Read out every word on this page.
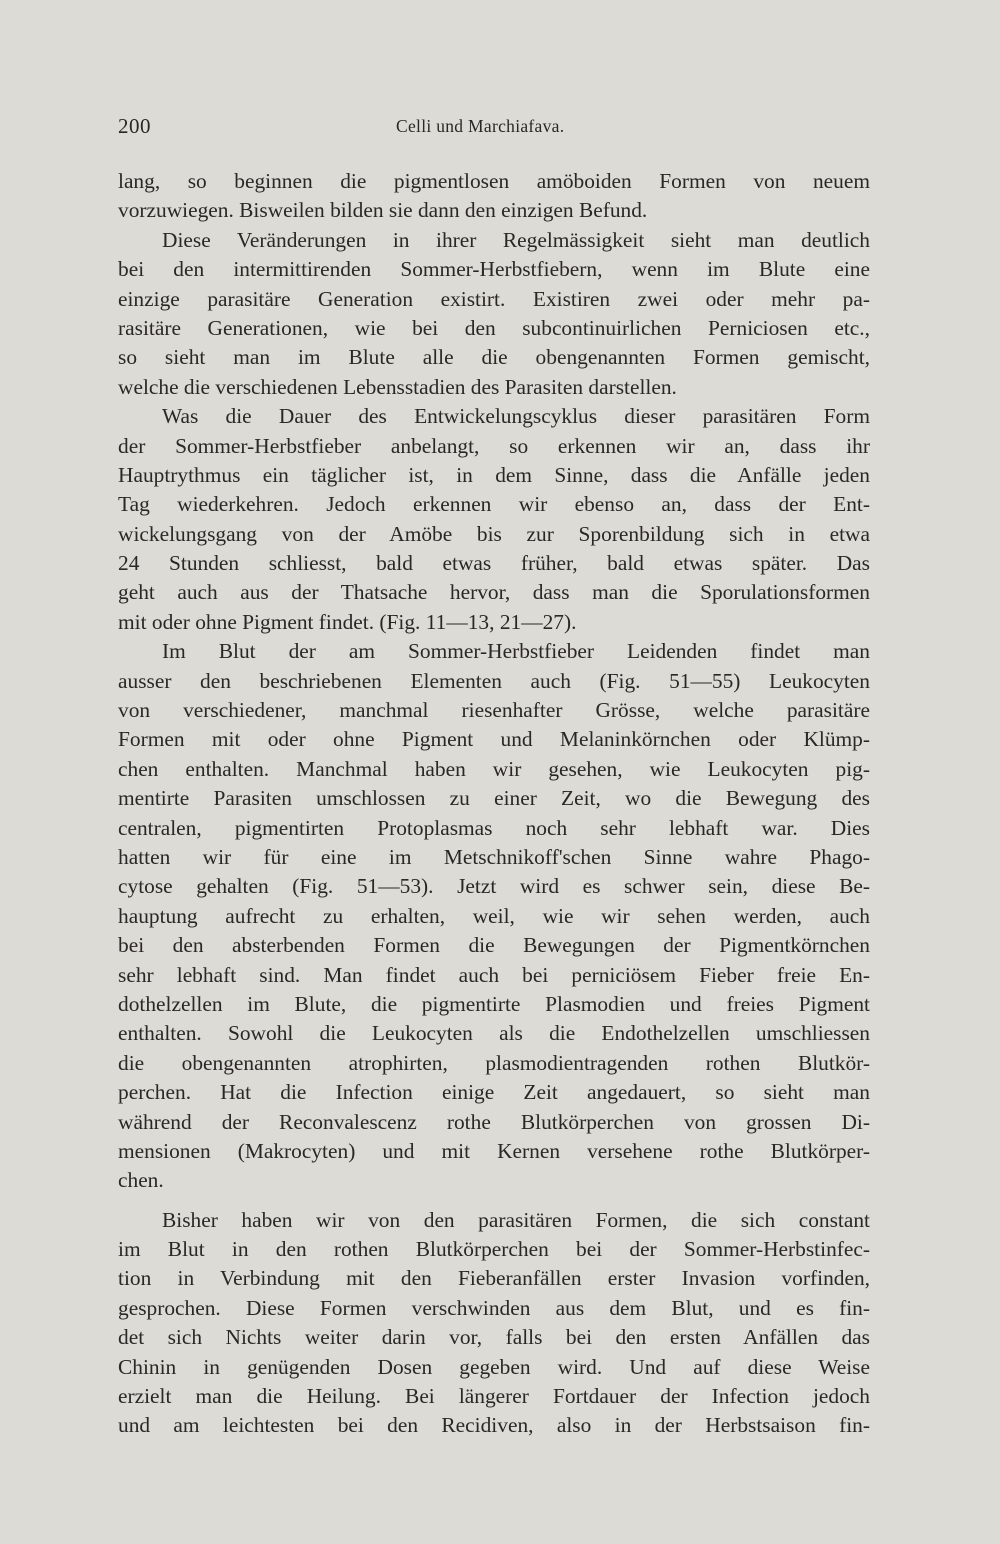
200	Celli und Marchiafava.
lang, so beginnen die pigmentlosen amöboiden Formen von neuem
vorzuwiegen. Bisweilen bilden sie dann den einzigen Befund.
Diese Veränderungen in ihrer Regelmässigkeit sieht man deutlich
bei den intermittirenden Sommer-Herbstfiebern, wenn im Blute eine
einzige parasitäre Generation existirt. Existiren zwei oder mehr pa-
rasitäre Generationen, wie bei den subcontinuirlichen Perniciosen etc.,
so sieht man im Blute alle die obengenannten Formen gemischt,
welche die verschiedenen Lebensstadien des Parasiten darstellen.
Was die Dauer des Entwickelungscyklus dieser parasitären Form
der Sommer-Herbstfieber anbelangt, so erkennen wir an, dass ihr
Hauptrythmus ein täglicher ist, in dem Sinne, dass die Anfälle jeden
Tag wiederkehren. Jedoch erkennen wir ebenso an, dass der Ent-
wickelungsgang von der Amöbe bis zur Sporenbildung sich in etwa
24 Stunden schliesst, bald etwas früher, bald etwas später. Das
geht auch aus der Thatsache hervor, dass man die Sporulationsformen
mit oder ohne Pigment findet. (Fig. 11—13, 21—27).
Im Blut der am Sommer-Herbstfieber Leidenden findet man
ausser den beschriebenen Elementen auch (Fig. 51—55) Leukocyten
von verschiedener, manchmal riesenhafter Grösse, welche parasitäre
Formen mit oder ohne Pigment und Melaninkörnchen oder Klümp-
chen enthalten. Manchmal haben wir gesehen, wie Leukocyten pig-
mentirte Parasiten umschlossen zu einer Zeit, wo die Bewegung des
centralen, pigmentirten Protoplasmas noch sehr lebhaft war. Dies
hatten wir für eine im Metschnikoff'schen Sinne wahre Phago-
cytose gehalten (Fig. 51—53). Jetzt wird es schwer sein, diese Be-
hauptung aufrecht zu erhalten, weil, wie wir sehen werden, auch
bei den absterbenden Formen die Bewegungen der Pigmentkörnchen
sehr lebhaft sind. Man findet auch bei perniciösem Fieber freie En-
dothelzellen im Blute, die pigmentirte Plasmodien und freies Pigment
enthalten. Sowohl die Leukocyten als die Endothelzellen umschliessen
die obengenannten atrophirten, plasmodientragenden rothen Blutkör-
perchen. Hat die Infection einige Zeit angedauert, so sieht man
während der Reconvalescenz rothe Blutkörperchen von grossen Di-
mensionen (Makrocyten) und mit Kernen versehene rothe Blutkörper-
chen.
Bisher haben wir von den parasitären Formen, die sich constant
im Blut in den rothen Blutkörperchen bei der Sommer-Herbstinfec-
tion in Verbindung mit den Fieberanfällen erster Invasion vorfinden,
gesprochen. Diese Formen verschwinden aus dem Blut, und es fin-
det sich Nichts weiter darin vor, falls bei den ersten Anfällen das
Chinin in genügenden Dosen gegeben wird. Und auf diese Weise
erzielt man die Heilung. Bei längerer Fortdauer der Infection jedoch
und am leichtesten bei den Recidiven, also in der Herbstsaison fin-
